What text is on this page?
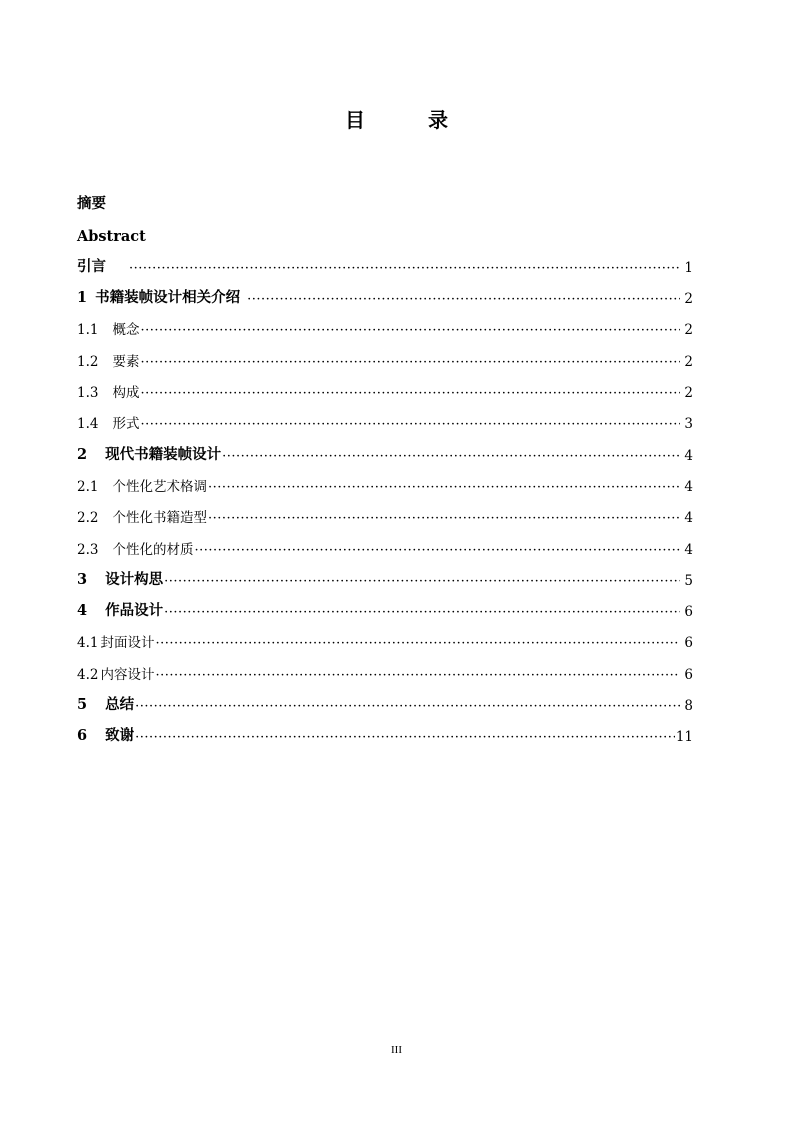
目 录
摘要
Abstract
引言 ·····	1
1 书籍装帧设计相关介绍 ·····	2
1.1 概念 ·····	2
1.2 要素 ·····	2
1.3 构成 ·····	2
1.4 形式 ·····	3
2 现代书籍装帧设计 ·····	4
2.1 个性化艺术格调 ·····	4
2.2 个性化书籍造型 ·····	4
2.3 个性化的材质 ·····	4
3 设计构思 ·····	5
4 作品设计 ·····	6
4.1 封面设计 ·····	6
4.2 内容设计 ·····	6
5 总结 ·····	8
6 致谢 ·····	11
III
